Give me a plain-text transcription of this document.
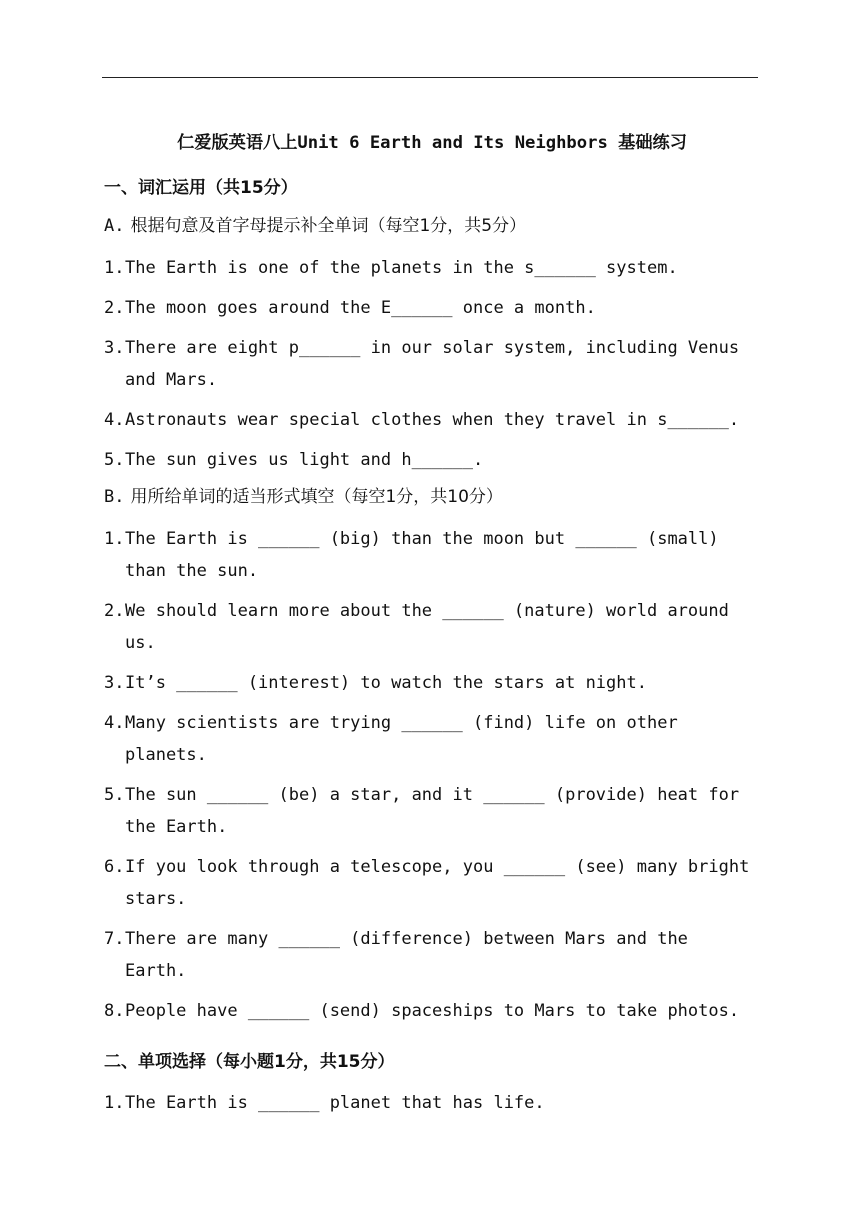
仁爱版英语八上Unit 6 Earth and Its Neighbors 基础练习
一、词汇运用（共15分）
A. 根据句意及首字母提示补全单词（每空1分，共5分）
1. The Earth is one of the planets in the s______ system.
2. The moon goes around the E______ once a month.
3. There are eight p______ in our solar system, including Venus and Mars.
4. Astronauts wear special clothes when they travel in s______.
5. The sun gives us light and h______.
B. 用所给单词的适当形式填空（每空1分，共10分）
1. The Earth is ______ (big) than the moon but ______ (small) than the sun.
2. We should learn more about the ______ (nature) world around us.
3. It’s ______ (interest) to watch the stars at night.
4. Many scientists are trying ______ (find) life on other planets.
5. The sun ______ (be) a star, and it ______ (provide) heat for the Earth.
6. If you look through a telescope, you ______ (see) many bright stars.
7. There are many ______ (difference) between Mars and the Earth.
8. People have ______ (send) spaceships to Mars to take photos.
二、单项选择（每小题1分，共15分）
1. The Earth is ______ planet that has life.
